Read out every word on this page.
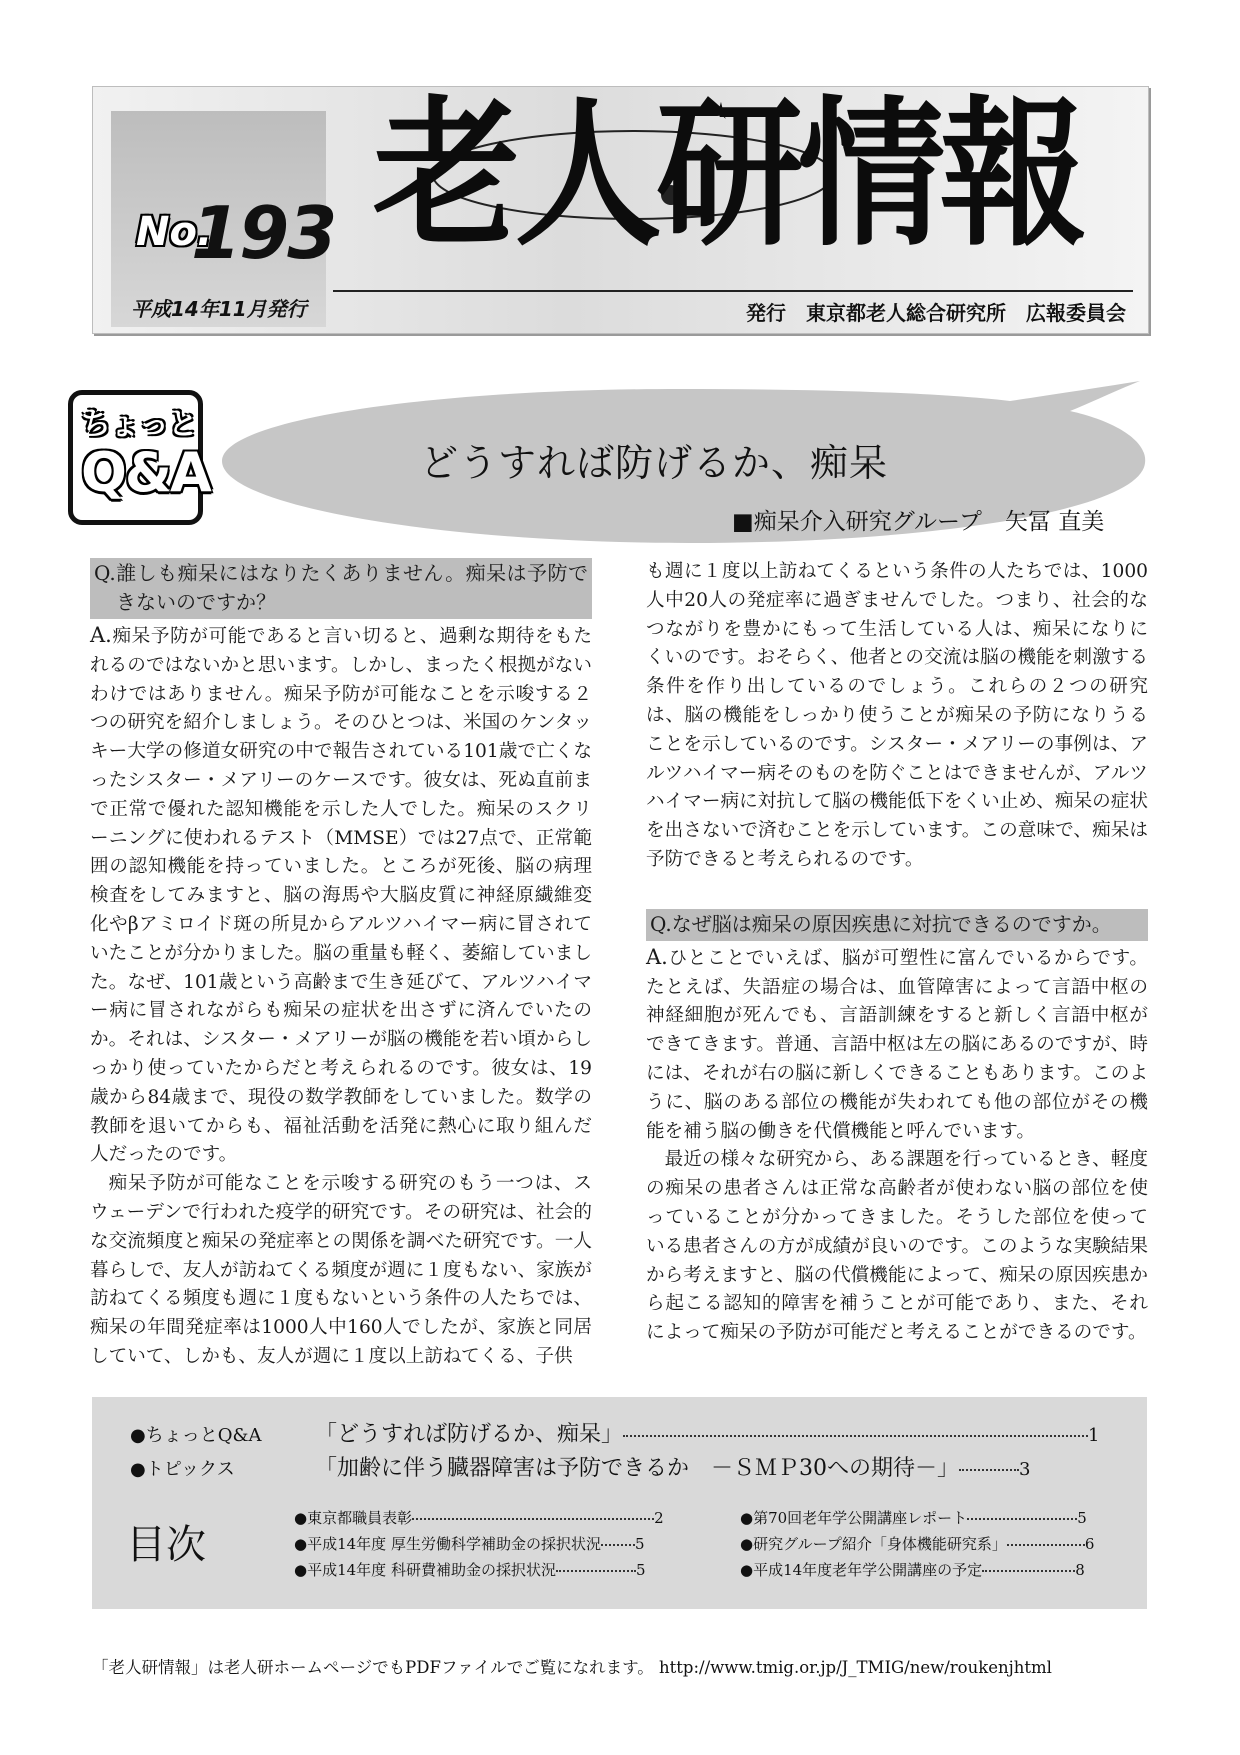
No.
193
平成14年11月発行
老人研情報
発行　東京都老人総合研究所　広報委員会
ちょっと
Q&A	どうすれば防げるか、痴呆
■痴呆介入研究グループ　矢冨 直美
Q.誰しも痴呆にはなりたくありません。痴呆は予防できないのですか？

A.痴呆予防が可能であると言い切ると、過剰な期待をもたれるのではないかと思います。しかし、まったく根拠がないわけではありません。痴呆予防が可能なことを示唆する２つの研究を紹介しましょう。そのひとつは、米国のケンタッキー大学の修道女研究の中で報告されている101歳で亡くなったシスター・メアリーのケースです。彼女は、死ぬ直前まで正常で優れた認知機能を示した人でした。痴呆のスクリーニングに使われるテスト（MMSE）では27点で、正常範囲の認知機能を持っていました。ところが死後、脳の病理検査をしてみますと、脳の海馬や大脳皮質に神経原繊維変化やβアミロイド斑の所見からアルツハイマー病に冒されていたことが分かりました。脳の重量も軽く、萎縮していました。なぜ、101歳という高齢まで生き延びて、アルツハイマー病に冒されながらも痴呆の症状を出さずに済んでいたのか。それは、シスター・メアリーが脳の機能を若い頃からしっかり使っていたからだと考えられるのです。彼女は、19歳から84歳まで、現役の数学教師をしていました。数学の教師を退いてからも、福祉活動を活発に熱心に取り組んだ人だったのです。

痴呆予防が可能なことを示唆する研究のもう一つは、スウェーデンで行われた疫学的研究です。その研究は、社会的な交流頻度と痴呆の発症率との関係を調べた研究です。一人暮らしで、友人が訪ねてくる頻度が週に１度もない、家族が訪ねてくる頻度も週に１度もないという条件の人たちでは、痴呆の年間発症率は1000人中160人でしたが、家族と同居していて、しかも、友人が週に１度以上訪ねてくる、子供

も週に１度以上訪ねてくるという条件の人たちでは、1000人中20人の発症率に過ぎませんでした。つまり、社会的なつながりを豊かにもって生活している人は、痴呆になりにくいのです。おそらく、他者との交流は脳の機能を刺激する条件を作り出しているのでしょう。これらの２つの研究は、脳の機能をしっかり使うことが痴呆の予防になりうることを示しているのです。シスター・メアリーの事例は、アルツハイマー病そのものを防ぐことはできませんが、アルツハイマー病に対抗して脳の機能低下をくい止め、痴呆の症状を出さないで済むことを示しています。この意味で、痴呆は予防できると考えられるのです。

Q.なぜ脳は痴呆の原因疾患に対抗できるのですか。

A.ひとことでいえば、脳が可塑性に富んでいるからです。たとえば、失語症の場合は、血管障害によって言語中枢の神経細胞が死んでも、言語訓練をすると新しく言語中枢ができてきます。普通、言語中枢は左の脳にあるのですが、時には、それが右の脳に新しくできることもあります。このように、脳のある部位の機能が失われても他の部位がその機能を補う脳の働きを代償機能と呼んでいます。

最近の様々な研究から、ある課題を行っているとき、軽度の痴呆の患者さんは正常な高齢者が使わない脳の部位を使っていることが分かってきました。そうした部位を使っている患者さんの方が成績が良いのです。このような実験結果から考えますと、脳の代償機能によって、痴呆の原因疾患から起こる認知的障害を補うことが可能であり、また、それによって痴呆の予防が可能だと考えることができるのです。

●ちょっとQ&A 「どうすれば防げるか、痴呆」	1
●トピックス	「加齢に伴う臓器障害は予防できるか　－ＳＭＰ30への期待－」	3
目次
●東京都職員表彰	2
●平成14年度 厚生労働科学補助金の採択状況 5
●平成14年度 科研費補助金の採択状況	5
●第70回老年学公開講座レポート	5
●研究グループ紹介「身体機能研究系」	6
●平成14年度老年学公開講座の予定	8
「老人研情報」は老人研ホームページでもPDFファイルでご覧になれます。 http://www.tmig.or.jp/J_TMIG/new/roukenjhtml
